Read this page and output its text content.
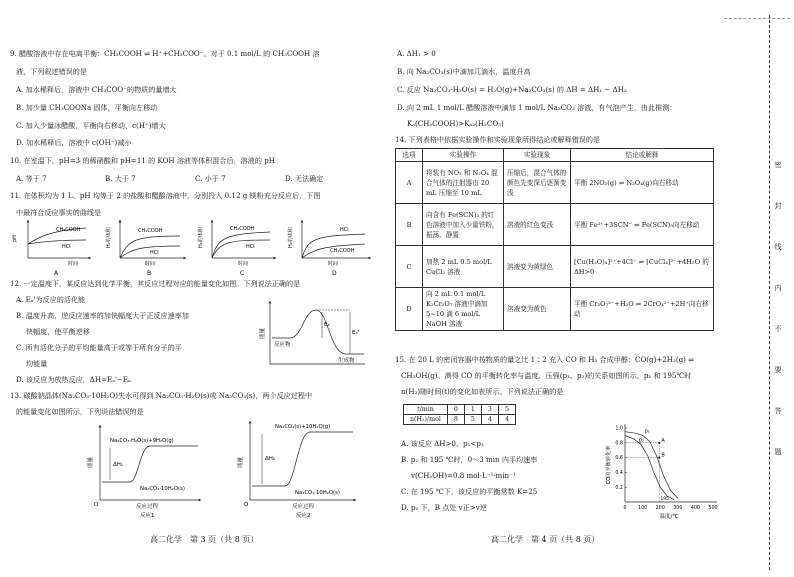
9. 醋酸溶液中存在电离平衡：CH₃COOH ⇌ H⁺+CH₃COO⁻。对于 0.1 mol/L 的 CH₃COOH 溶
液，下列叙述错误的是
A. 加水稀释后，溶液中 CH₃COO⁻的物质的量增大
B. 加少量 CH₃COONa 固体，平衡向左移动
C. 加入少量冰醋酸，平衡向右移动，c(H⁺)增大
D. 加水稀释后，溶液中 c(OH⁻)减小
10. 在室温下，pH=3 的稀硝酸和 pH=11 的 KOH 溶液等体积混合后，溶液的 pH
A. 等于 7	B. 大于 7	C. 小于 7	D. 无法确定
11. 在体积均为 1 L、pH 均等于 2 的盐酸和醋酸溶液中，分别投入 0.12 g 镁粉充分反应后，下图
中最符合反应事实的曲线是
pH
CH₃COOH
HCl
时间
A
H₂的体积	CH₃COOH
HCl
时间
B
H₂的体积	CH₃COOH
HCl
时间
C
H₂的体积	HCl
CH₃COOH
时间
D
12. 一定温度下，某反应达到化学平衡，其反应过程对应的能量变化如图。下列说法正确的是
A. Eₐ'为反应的活化能
B. 温度升高，逆反应速率的加快幅度大于正反应速率加
快幅度，使平衡逆移
C. 所有活化分子的平均能量高于或等于所有分子的平
均能量
D. 该反应为放热反应，ΔH=Eₐ'−Eₐ
能量
反应物
生成物
Eₐ
Eₐ'
13. 碳酸钠晶体(Na₂CO₃·10H₂O)失水可得到 Na₂CO₃·H₂O(s)或 Na₂CO₃(s)，两个反应过程中
的能量变化如图所示，下列说法错误的是
能量
Na₂CO₃·H₂O(s)+9H₂O(g)
Na₂CO₃·10H₂O(s)
ΔH₁
O	反应过程
反应1
能量
Na₂CO₃(s)+10H₂O(g)
Na₂CO₃·10H₂O(s)
ΔH₂
O	反应过程
反应2
高二化学　第 3 页（共 8 页）
A. ΔH₁ > 0
B. 向 Na₂CO₃(s)中滴加几滴水，温度升高
C. 反应 Na₂CO₃·H₂O(s) = H₂O(g)+Na₂CO₃(s) 的 ΔH = ΔH₁ − ΔH₂
D. 向 2 mL 1 mol/L 醋酸溶液中滴加 1 mol/L Na₂CO₃ 溶液，有气泡产生，由此推测：
Kₐ(CH₃COOH)>Kₐ₂(H₂CO₃)
14. 下列表格中依据实验操作和实验现象所得结论或解释错误的是
选项	实验操作	实验现象	结论或解释
A	将装有 NO₂ 和 N₂O₄ 混合气体的注射器由 20 mL 压缩至 10 mL	压缩后，混合气体的颜色先变深后逐渐变浅	平衡 2NO₂(g) ⇌ N₂O₄(g)向右移动
B	向含有 Fe(SCN)₃ 的红色溶液中加入少量铁粉，振荡、静置	溶液的红色变浅	平衡 Fe³⁺+3SCN⁻ ⇌ Fe(SCN)₃向左移动
C	加热 2 mL 0.5 mol/L CuCl₂ 溶液	溶液变为黄绿色	[Cu(H₂O)₄]²⁺+4Cl⁻ ⇌ [CuCl₄]²⁻+4H₂O 的 ΔH>0
D	向 2 mL 0.1 mol/L K₂Cr₂O₇ 溶液中滴加 5~10 滴 6 mol/L NaOH 溶液	溶液变为黄色	平衡 Cr₂O₇²⁻+H₂O ⇌ 2CrO₄²⁻+2H⁺向右移动
15. 在 20 L 的密闭容器中按物质的量之比 1∶2 充入 CO 和 H₂ 合成甲醇：CO(g)+2H₂(g) ⇌
CH₃OH(g)。测得 CO 的平衡转化率与温度、压强(p₁、p₂)的关系如图所示，p₂ 和 195℃时
n(H₂)随时间(t)的变化如表所示。下列说法正确的是
t/min	0	1	3	5
n(H₂)/mol	8	5	4	4
A. 该反应 ΔH>0、p₁<p₂
B. p₂ 和 195 ℃时，0～3 min 内平均速率
v(CH₃OH)=0.8 mol·L⁻¹·min⁻¹
C. 在 195 ℃下，该反应的平衡常数 K=25
D. p₂ 下，B 点处 v正>v逆	0 100 200 300 400 500
0.2
0.4
0.6
0.8
1.0
195
p₁
p₂	A
B
温度/℃
CO的平衡转化率
高二化学　第 4 页（共 8 页）
密
封
线
内
不
要
答
题
